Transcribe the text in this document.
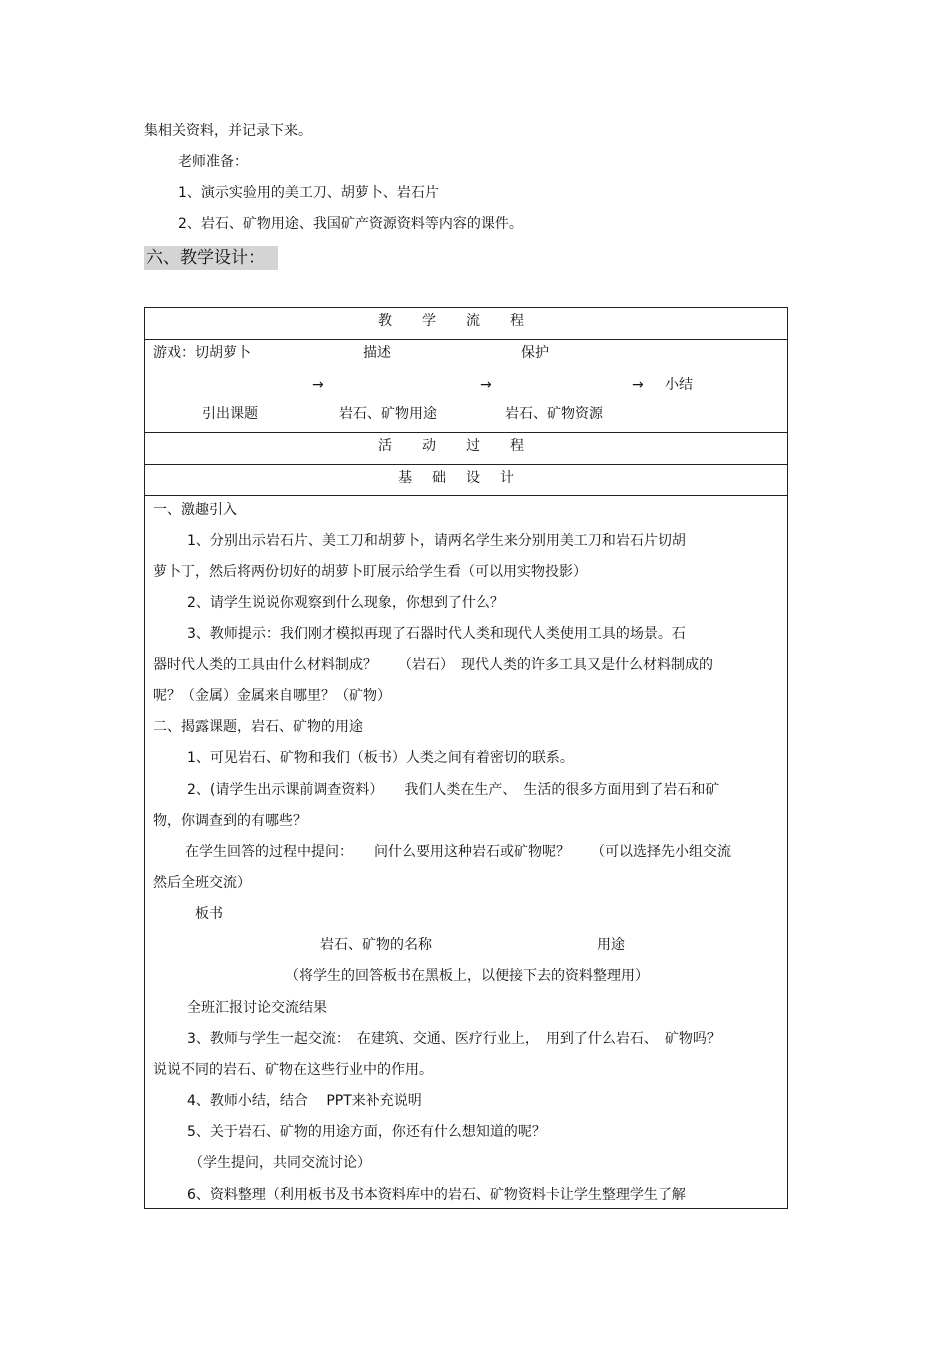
集相关资料，并记录下来。
老师准备：
1、演示实验用的美工刀、胡萝卜、岩石片
2、岩石、矿物用途、我国矿产资源资料等内容的课件。
六、教学设计：
教学流程
游戏：切胡萝卜	描述	保护
→	→	→ 小结
引出课题	岩石、矿物用途	岩石、矿物资源
活动过程
基础设计
一、激趣引入
1、分别出示岩石片、美工刀和胡萝卜，请两名学生来分别用美工刀和岩石片切胡
萝卜丁，然后将两份切好的胡萝卜盯展示给学生看（可以用实物投影）
2、请学生说说你观察到什么现象，你想到了什么？
3、教师提示：我们刚才模拟再现了石器时代人类和现代人类使用工具的场景。石
器时代人类的工具由什么材料制成？　　（岩石）　现代人类的许多工具又是什么材料制成的
呢？（金属）金属来自哪里？（矿物）
二、揭露课题，岩石、矿物的用途
1、可见岩石、矿物和我们（板书）人类之间有着密切的联系。
2、(请学生出示课前调查资料）　　我们人类在生产、　生活的很多方面用到了岩石和矿
物，你调查到的有哪些？
在学生回答的过程中提问：　　问什么要用这种岩石或矿物呢？　　（可以选择先小组交流
然后全班交流）
板书
岩石、矿物的名称	用途
（将学生的回答板书在黑板上，以便接下去的资料整理用）
全班汇报讨论交流结果
3、教师与学生一起交流：　在建筑、交通、医疗行业上，　用到了什么岩石、　矿物吗？
说说不同的岩石、矿物在这些行业中的作用。
4、教师小结，结合　 PPT来补充说明
5、关于岩石、矿物的用途方面，你还有什么想知道的呢？
（学生提问，共同交流讨论）
6、资料整理（利用板书及书本资料库中的岩石、矿物资料卡让学生整理学生了解
